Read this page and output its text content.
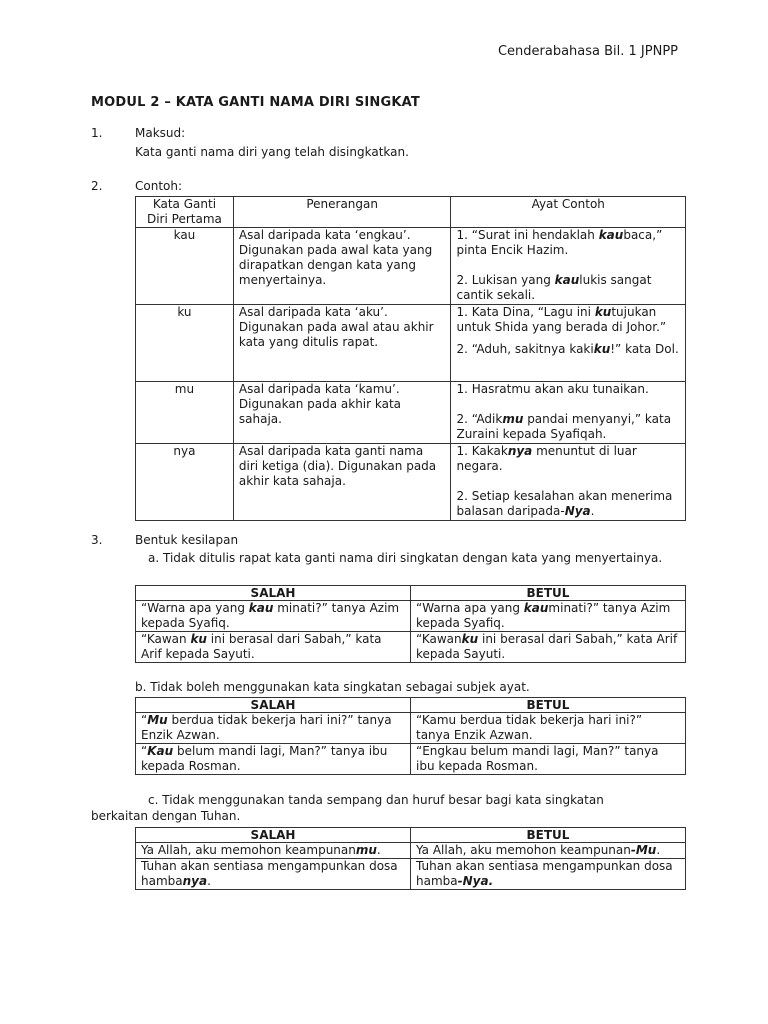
Cenderabahasa Bil. 1 JPNPP
MODUL 2 – KATA GANTI NAMA DIRI SINGKAT
1.	Maksud:
Kata ganti nama diri yang telah disingkatkan.
2.	Contoh:
Kata Ganti Diri Pertama	Penerangan	Ayat Contoh
kau	Asal daripada kata ‘engkau’. Digunakan pada awal kata yang dirapatkan dengan kata yang menyertainya.	1. “Surat ini hendaklah kaubaca,” pinta Encik Hazim.
2. Lukisan yang kaulukis sangat cantik sekali.

ku	Asal daripada kata ‘aku’. Digunakan pada awal atau akhir kata yang ditulis rapat.	1. Kata Dina, “Lagu ini kutujukan untuk Shida yang berada di Johor.”
2. “Aduh, sakitnya kakiku!” kata Dol.

mu	Asal daripada kata ‘kamu’. Digunakan pada akhir kata sahaja.	1. Hasratmu akan aku tunaikan.
2. “Adikmu pandai menyanyi,” kata Zuraini kepada Syafiqah.

nya	Asal daripada kata ganti nama diri ketiga (dia). Digunakan pada akhir kata sahaja.	1. Kakaknya menuntut di luar negara.
2. Setiap kesalahan akan menerima balasan daripada-Nya.
3.	Bentuk kesilapan
a. Tidak ditulis rapat kata ganti nama diri singkatan dengan kata yang menyertainya.
SALAH	BETUL
“Warna apa yang kau minati?” tanya Azim kepada Syafiq.	“Warna apa yang kauminati?” tanya Azim kepada Syafiq.
“Kawan ku ini berasal dari Sabah,” kata Arif kepada Sayuti.	“Kawanku ini berasal dari Sabah,” kata Arif kepada Sayuti.
b. Tidak boleh menggunakan kata singkatan sebagai subjek ayat.
SALAH	BETUL
“Mu berdua tidak bekerja hari ini?” tanya Enzik Azwan.	“Kamu berdua tidak bekerja hari ini?” tanya Enzik Azwan.
“Kau belum mandi lagi, Man?” tanya ibu kepada Rosman.	“Engkau belum mandi lagi, Man?” tanya ibu kepada Rosman.
c. Tidak menggunakan tanda sempang dan huruf besar bagi kata singkatan
berkaitan dengan Tuhan.
SALAH	BETUL
Ya Allah, aku memohon keampunanmu.	Ya Allah, aku memohon keampunan-Mu.
Tuhan akan sentiasa mengampunkan dosa hambanya.	Tuhan akan sentiasa mengampunkan dosa hamba-Nya.
